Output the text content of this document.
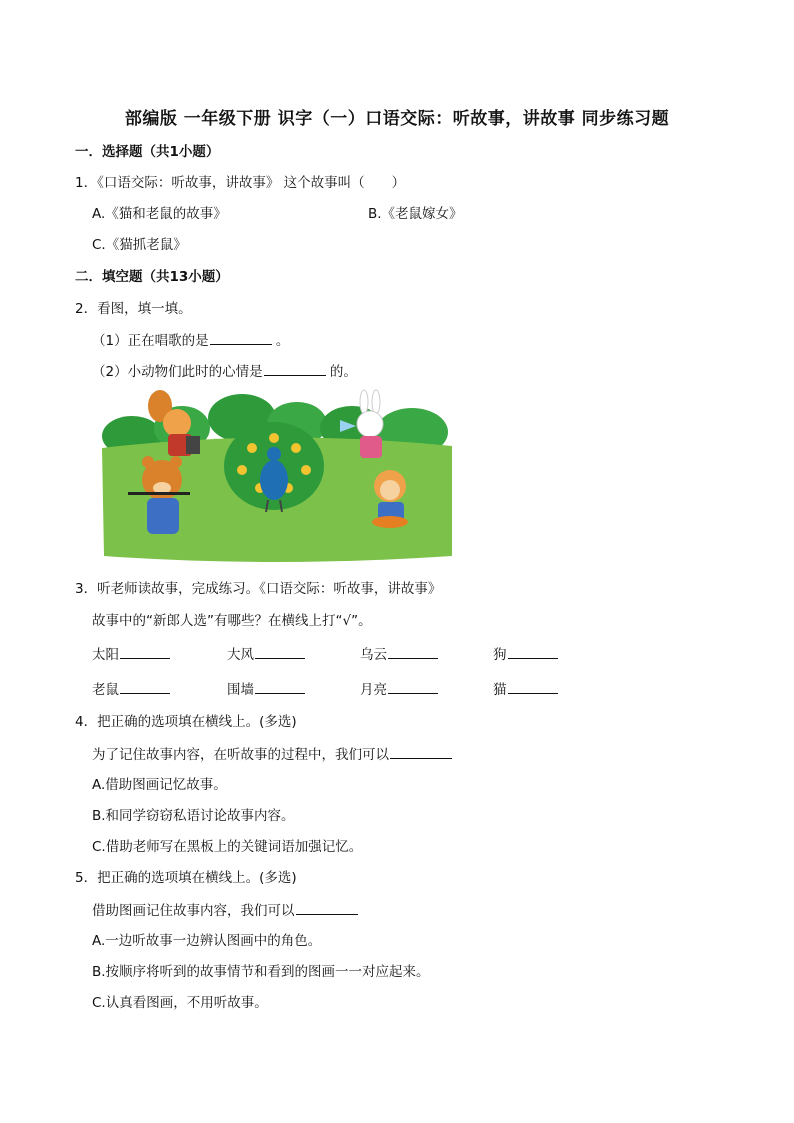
部编版 一年级下册 识字（一）口语交际：听故事，讲故事 同步练习题
一．选择题（共1小题）
1．《口语交际：听故事，讲故事》 这个故事叫（　　）
A.《猫和老鼠的故事》	B.《老鼠嫁女》
C.《猫抓老鼠》
二．填空题（共13小题）
2．看图，填一填。
（1）正在唱歌的是	。
（2）小动物们此时的心情是	的。
3．听老师读故事，完成练习。《口语交际：听故事，讲故事》
故事中的“新郎人选”有哪些？在横线上打“√”。
太阳	大风	乌云	狗
老鼠	围墙	月亮	猫
4．把正确的选项填在横线上。(多选)
为了记住故事内容，在听故事的过程中，我们可以
A.借助图画记忆故事。
B.和同学窃窃私语讨论故事内容。
C.借助老师写在黑板上的关键词语加强记忆。
5．把正确的选项填在横线上。(多选)
借助图画记住故事内容，我们可以
A.一边听故事一边辨认图画中的角色。
B.按顺序将听到的故事情节和看到的图画一一对应起来。
C.认真看图画，不用听故事。
